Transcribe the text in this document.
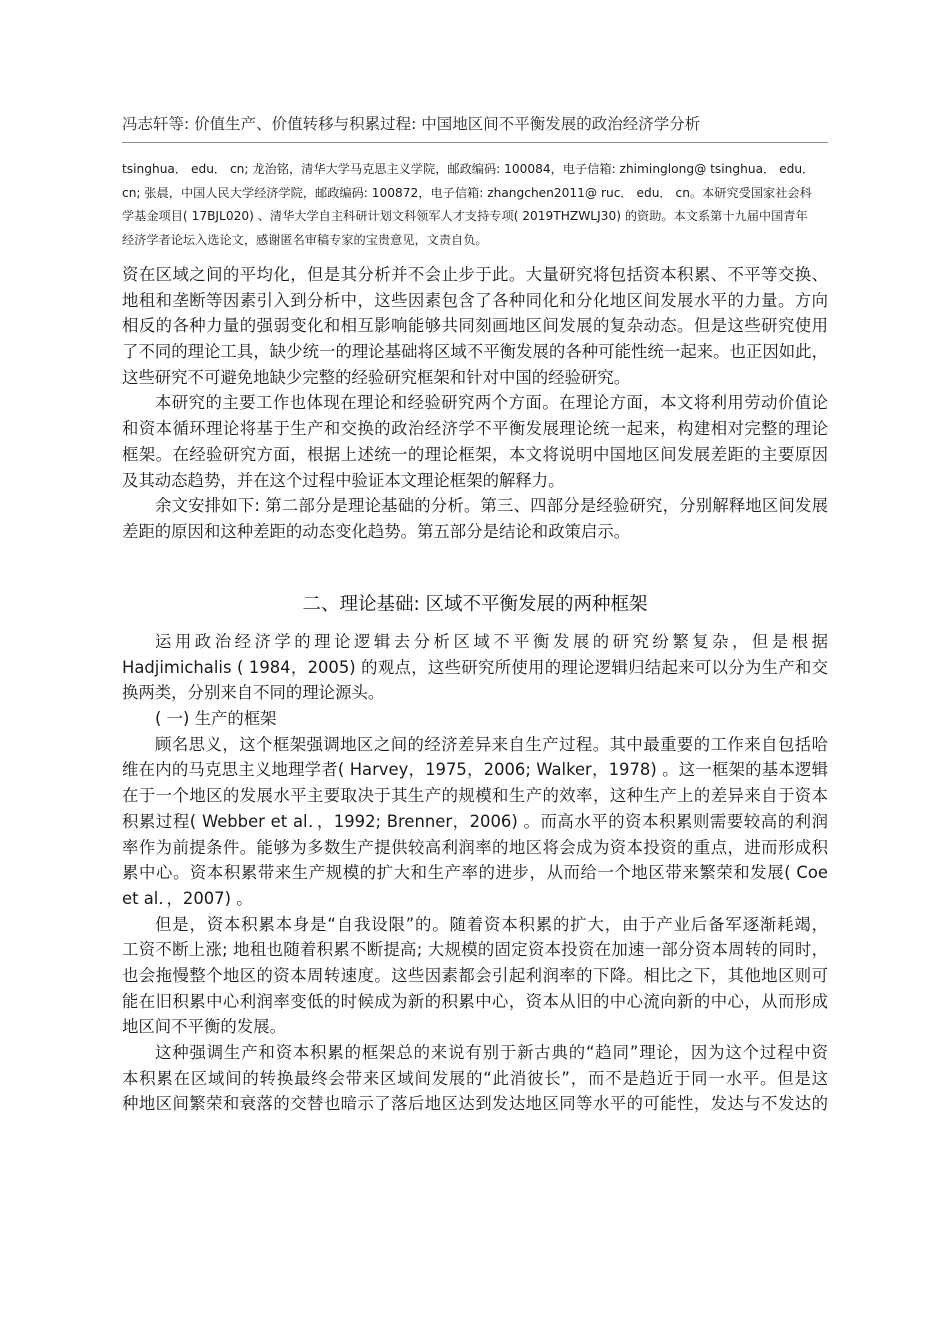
冯志轩等: 价值生产、价值转移与积累过程: 中国地区间不平衡发展的政治经济学分析
tsinghua． edu． cn; 龙治铭，清华大学马克思主义学院，邮政编码: 100084，电子信箱: zhiminglong@ tsinghua． edu．
cn; 张晨，中国人民大学经济学院，邮政编码: 100872，电子信箱: zhangchen2011@ ruc． edu． cn。本研究受国家社会科
学基金项目( 17BJL020) 、清华大学自主科研计划文科领军人才支持专项( 2019THZWLJ30) 的资助。本文系第十九届中国青年
经济学者论坛入选论文，感谢匿名审稿专家的宝贵意见，文责自负。
资在区域之间的平均化，但是其分析并不会止步于此。大量研究将包括资本积累、不平等交换、
地租和垄断等因素引入到分析中，这些因素包含了各种同化和分化地区间发展水平的力量。方向
相反的各种力量的强弱变化和相互影响能够共同刻画地区间发展的复杂动态。但是这些研究使用
了不同的理论工具，缺少统一的理论基础将区域不平衡发展的各种可能性统一起来。也正因如此，
这些研究不可避免地缺少完整的经验研究框架和针对中国的经验研究。
本研究的主要工作也体现在理论和经验研究两个方面。在理论方面，本文将利用劳动价值论
和资本循环理论将基于生产和交换的政治经济学不平衡发展理论统一起来，构建相对完整的理论
框架。在经验研究方面，根据上述统一的理论框架，本文将说明中国地区间发展差距的主要原因
及其动态趋势，并在这个过程中验证本文理论框架的解释力。
余文安排如下: 第二部分是理论基础的分析。第三、四部分是经验研究，分别解释地区间发展
差距的原因和这种差距的动态变化趋势。第五部分是结论和政策启示。
二、理论基础: 区域不平衡发展的两种框架
运用政治经济学的理论逻辑去分析区域不平衡发展的研究纷繁复杂，但是根据
Hadjimichalis ( 1984，2005) 的观点，这些研究所使用的理论逻辑归结起来可以分为生产和交
换两类，分别来自不同的理论源头。
( 一) 生产的框架
顾名思义，这个框架强调地区之间的经济差异来自生产过程。其中最重要的工作来自包括哈
维在内的马克思主义地理学者( Harvey，1975，2006; Walker，1978) 。这一框架的基本逻辑
在于一个地区的发展水平主要取决于其生产的规模和生产的效率，这种生产上的差异来自于资本
积累过程( Webber et al．，1992; Brenner，2006) 。而高水平的资本积累则需要较高的利润
率作为前提条件。能够为多数生产提供较高利润率的地区将会成为资本投资的重点，进而形成积
累中心。资本积累带来生产规模的扩大和生产率的进步，从而给一个地区带来繁荣和发展( Coe
et al．，2007) 。
但是，资本积累本身是“自我设限”的。随着资本积累的扩大，由于产业后备军逐渐耗竭，
工资不断上涨; 地租也随着积累不断提高; 大规模的固定资本投资在加速一部分资本周转的同时，
也会拖慢整个地区的资本周转速度。这些因素都会引起利润率的下降。相比之下，其他地区则可
能在旧积累中心利润率变低的时候成为新的积累中心，资本从旧的中心流向新的中心，从而形成
地区间不平衡的发展。
这种强调生产和资本积累的框架总的来说有别于新古典的“趋同”理论，因为这个过程中资
本积累在区域间的转换最终会带来区域间发展的“此消彼长”，而不是趋近于同一水平。但是这
种地区间繁荣和衰落的交替也暗示了落后地区达到发达地区同等水平的可能性，发达与不发达的
